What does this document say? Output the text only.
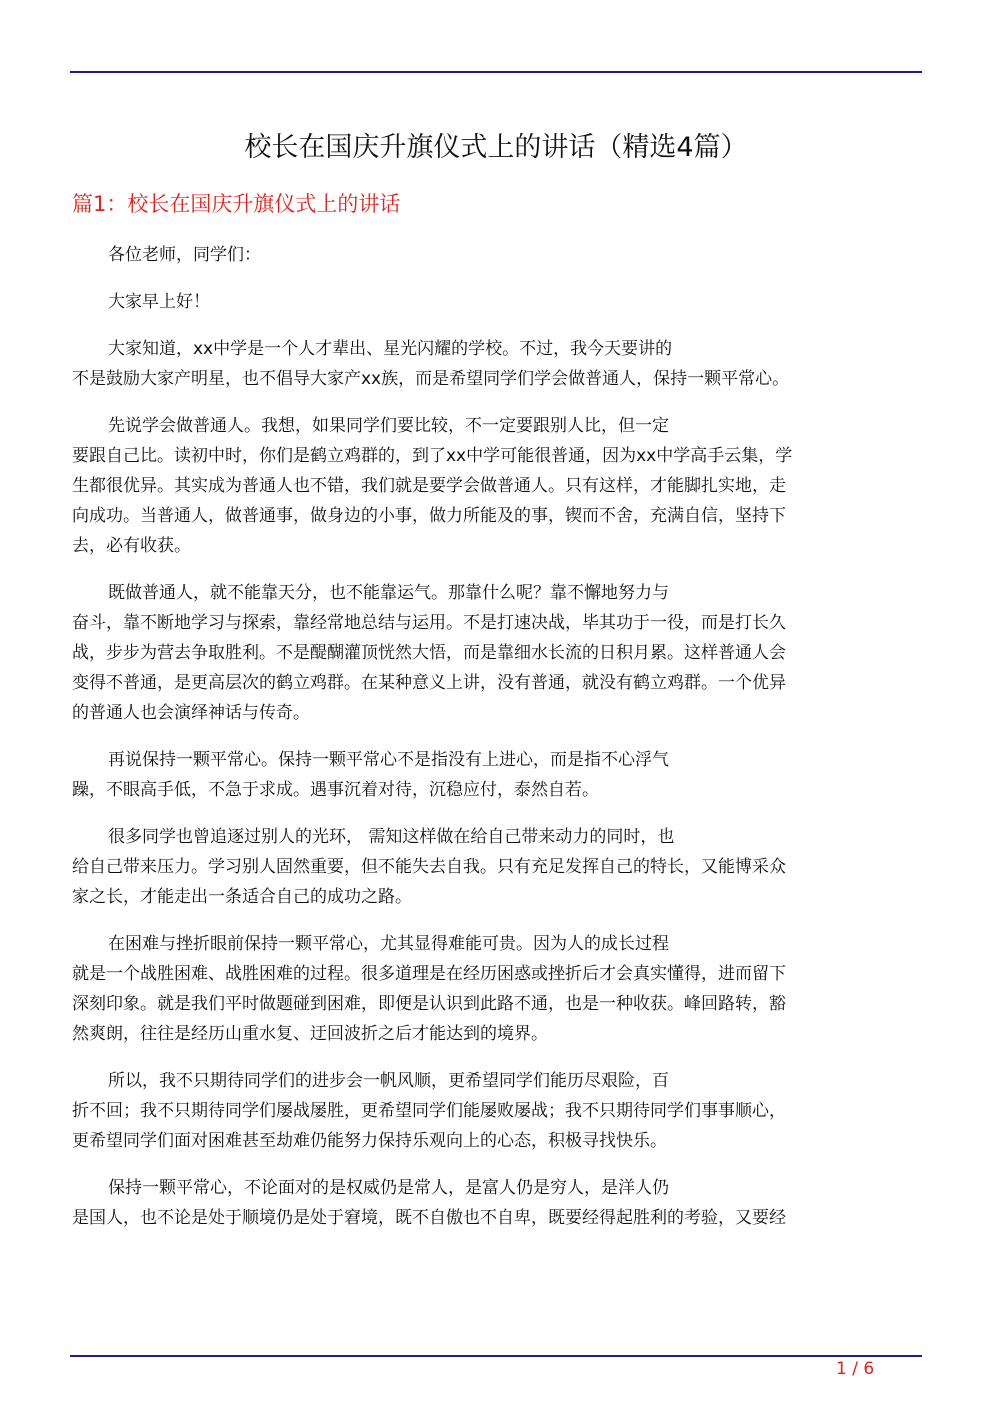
校长在国庆升旗仪式上的讲话（精选4篇）
篇1：校长在国庆升旗仪式上的讲话

各位老师，同学们：

大家早上好！

大家知道，xx中学是一个人才辈出、星光闪耀的学校。不过，我今天要讲的
不是鼓励大家产明星，也不倡导大家产xx族，而是希望同学们学会做普通人，保持一颗平常心。

先说学会做普通人。我想，如果同学们要比较，不一定要跟别人比，但一定
要跟自己比。读初中时，你们是鹤立鸡群的，到了xx中学可能很普通，因为xx中学高手云集，学
生都很优异。其实成为普通人也不错，我们就是要学会做普通人。只有这样，才能脚扎实地，走
向成功。当普通人，做普通事，做身边的小事，做力所能及的事，锲而不舍，充满自信，坚持下
去，必有收获。

既做普通人，就不能靠天分，也不能靠运气。那靠什么呢？靠不懈地努力与
奋斗，靠不断地学习与探索，靠经常地总结与运用。不是打速决战，毕其功于一役，而是打长久
战，步步为营去争取胜利。不是醍醐灌顶恍然大悟，而是靠细水长流的日积月累。这样普通人会
变得不普通，是更高层次的鹤立鸡群。在某种意义上讲，没有普通，就没有鹤立鸡群。一个优异
的普通人也会演绎神话与传奇。

再说保持一颗平常心。保持一颗平常心不是指没有上进心，而是指不心浮气
躁，不眼高手低，不急于求成。遇事沉着对待，沉稳应付，泰然自若。

很多同学也曾追逐过别人的光环， 需知这样做在给自己带来动力的同时，也
给自己带来压力。学习别人固然重要，但不能失去自我。只有充足发挥自己的特长，又能博采众
家之长，才能走出一条适合自己的成功之路。

在困难与挫折眼前保持一颗平常心，尤其显得难能可贵。因为人的成长过程
就是一个战胜困难、战胜困难的过程。很多道理是在经历困惑或挫折后才会真实懂得，进而留下
深刻印象。就是我们平时做题碰到困难，即便是认识到此路不通，也是一种收获。峰回路转，豁
然爽朗，往往是经历山重水复、迂回波折之后才能达到的境界。

所以，我不只期待同学们的进步会一帆风顺，更希望同学们能历尽艰险，百
折不回；我不只期待同学们屡战屡胜，更希望同学们能屡败屡战；我不只期待同学们事事顺心，
更希望同学们面对困难甚至劫难仍能努力保持乐观向上的心态，积极寻找快乐。

保持一颗平常心，不论面对的是权威仍是常人，是富人仍是穷人，是洋人仍
是国人，也不论是处于顺境仍是处于窘境，既不自傲也不自卑，既要经得起胜利的考验，又要经

1 / 6
